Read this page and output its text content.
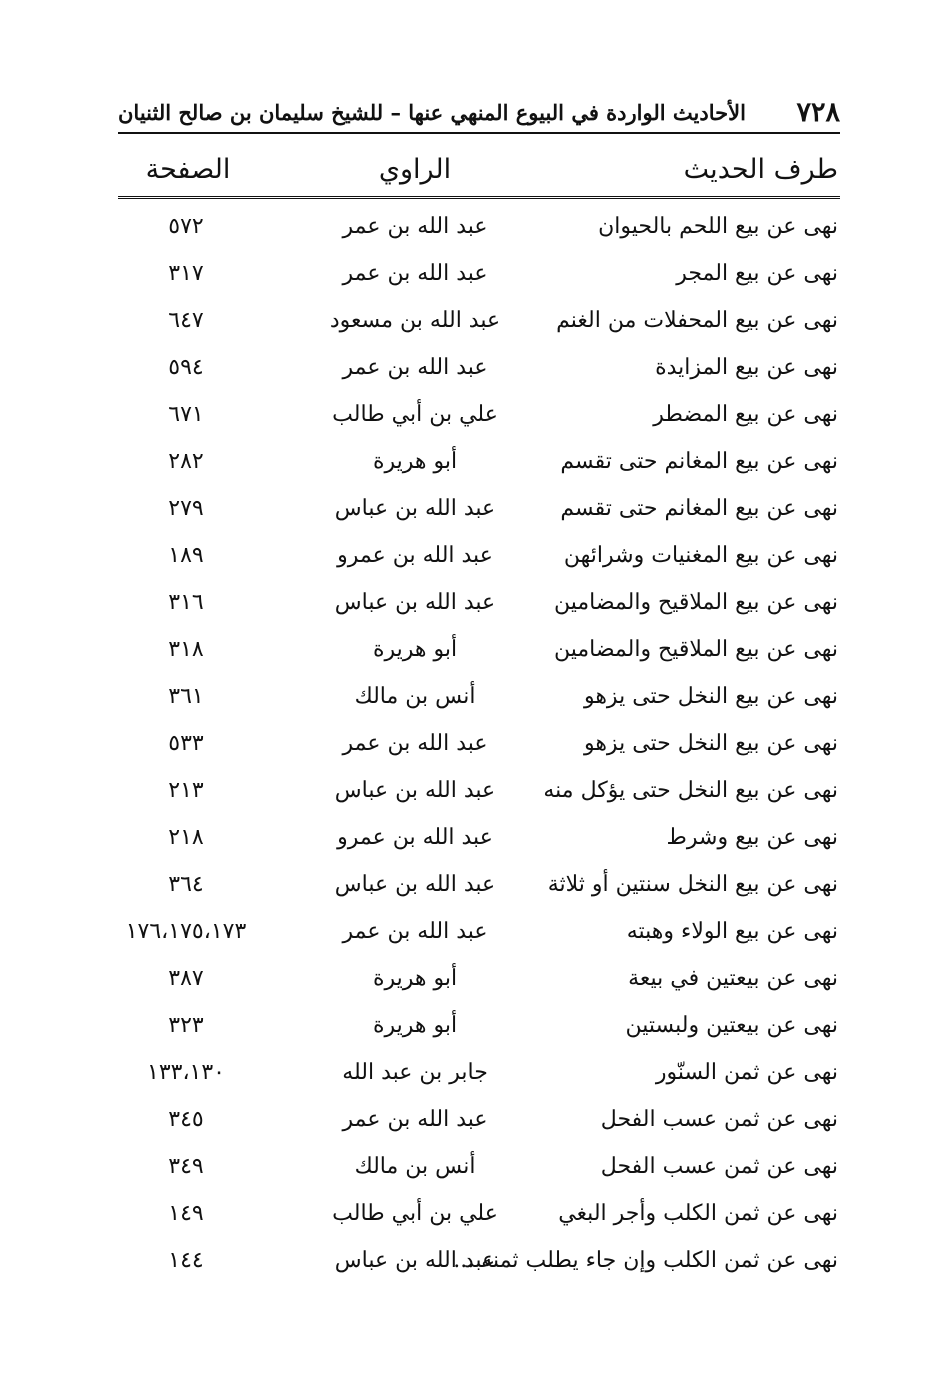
٧٢٨
الأحاديث الواردة في البيوع المنهي عنها – للشيخ سليمان بن صالح الثنيان
طرف الحديث
الراوي
الصفحة
نهى عن بيع اللحم بالحيوان
عبد الله بن عمر
٥٧٢
نهى عن بيع المجر
عبد الله بن عمر
٣١٧
نهى عن بيع المحفلات من الغنم
عبد الله بن مسعود
٦٤٧
نهى عن بيع المزايدة
عبد الله بن عمر
٥٩٤
نهى عن بيع المضطر
علي بن أبي طالب
٦٧١
نهى عن بيع المغانم حتى تقسم
أبو هريرة
٢٨٢
نهى عن بيع المغانم حتى تقسم
عبد الله بن عباس
٢٧٩
نهى عن بيع المغنيات وشرائهن
عبد الله بن عمرو
١٨٩
نهى عن بيع الملاقيح والمضامين
عبد الله بن عباس
٣١٦
نهى عن بيع الملاقيح والمضامين
أبو هريرة
٣١٨
نهى عن بيع النخل حتى يزهو
أنس بن مالك
٣٦١
نهى عن بيع النخل حتى يزهو
عبد الله بن عمر
٥٣٣
نهى عن بيع النخل حتى يؤكل منه
عبد الله بن عباس
٢١٣
نهى عن بيع وشرط
عبد الله بن عمرو
٢١٨
نهى عن بيع النخل سنتين أو ثلاثة
عبد الله بن عباس
٣٦٤
نهى عن بيع الولاء وهبته
عبد الله بن عمر
١٧٦،١٧٥،١٧٣
نهى عن بيعتين في بيعة
أبو هريرة
٣٨٧
نهى عن بيعتين ولبستين
أبو هريرة
٣٢٣
نهى عن ثمن السنّور
جابر بن عبد الله
١٣٣،١٣٠
نهى عن ثمن عسب الفحل
عبد الله بن عمر
٣٤٥
نهى عن ثمن عسب الفحل
أنس بن مالك
٣٤٩
نهى عن ثمن الكلب وأجر البغي
علي بن أبي طالب
١٤٩
نهى عن ثمن الكلب وإن جاء يطلب ثمنه ...
عبد الله بن عباس
١٤٤
